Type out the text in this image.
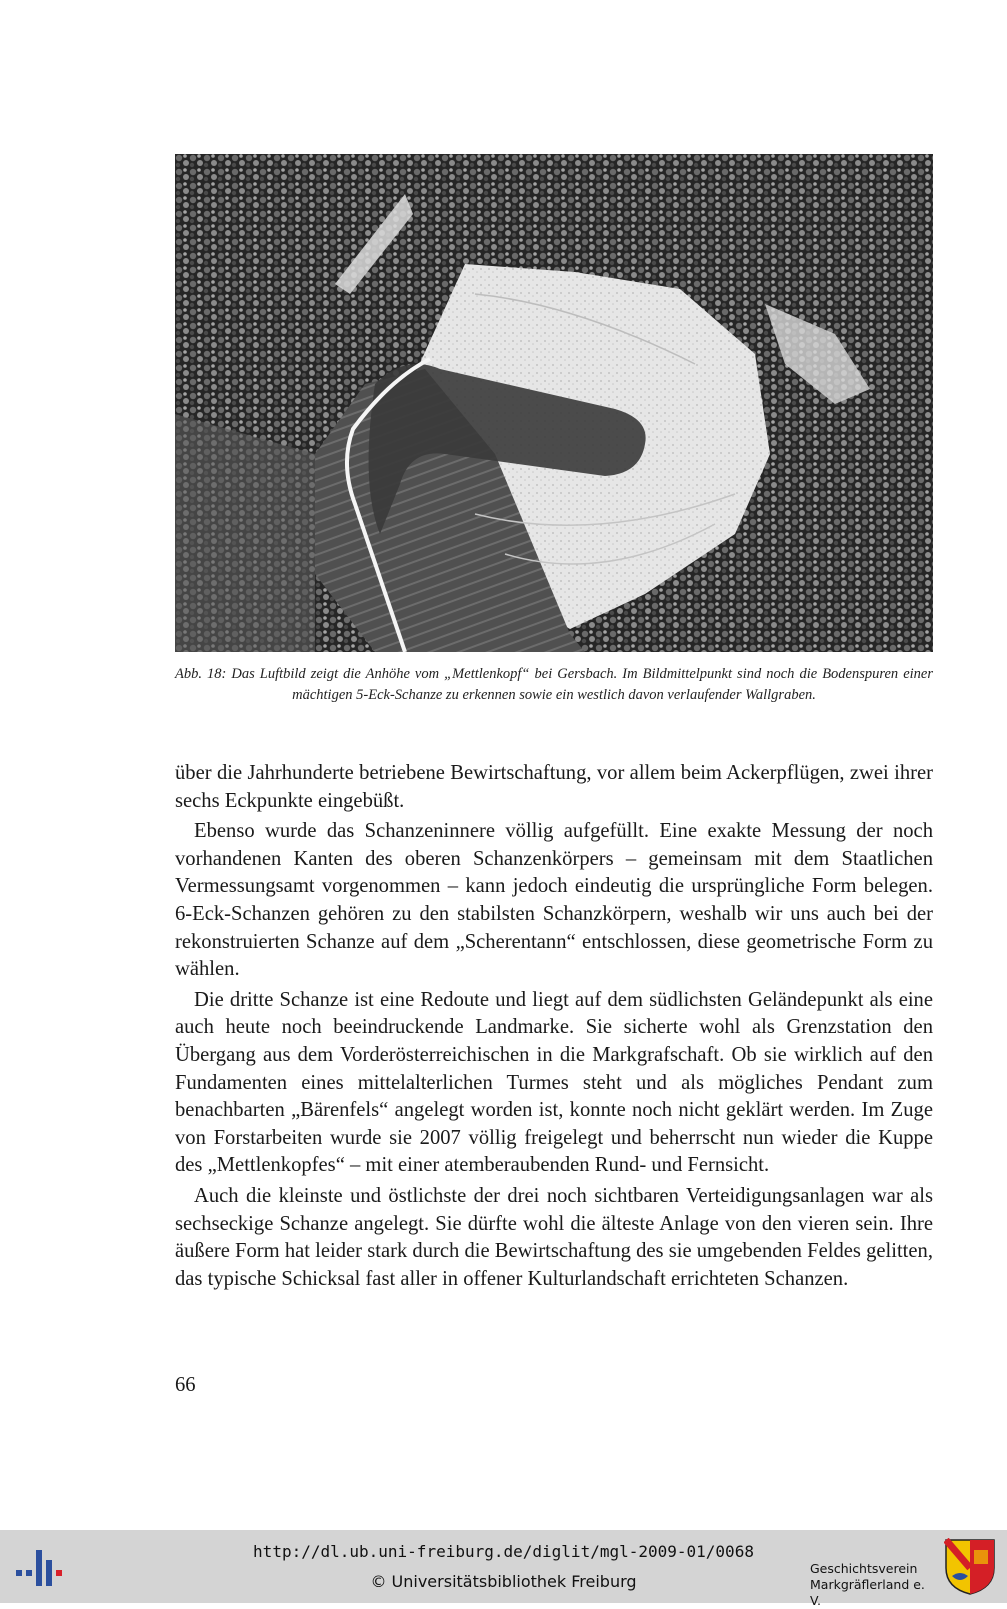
Abb. 18: Das Luftbild zeigt die Anhöhe vom „Mettlenkopf“ bei Gersbach. Im Bildmittelpunkt sind noch die Bodenspuren einer mächtigen 5-Eck-Schanze zu erkennen sowie ein westlich davon verlaufender Wallgraben.

über die Jahrhunderte betriebene Bewirtschaftung, vor allem beim Ackerpflügen, zwei ihrer sechs Eckpunkte eingebüßt.

Ebenso wurde das Schanzeninnere völlig aufgefüllt. Eine exakte Messung der noch vorhandenen Kanten des oberen Schanzenkörpers – gemeinsam mit dem Staatlichen Vermessungsamt vorgenommen – kann jedoch eindeutig die ursprüngliche Form belegen. 6-Eck-Schanzen gehören zu den stabilsten Schanzkörpern, weshalb wir uns auch bei der rekonstruierten Schanze auf dem „Scherentann“ entschlossen, diese geometrische Form zu wählen.

Die dritte Schanze ist eine Redoute und liegt auf dem südlichsten Geländepunkt als eine auch heute noch beeindruckende Landmarke. Sie sicherte wohl als Grenzstation den Übergang aus dem Vorderösterreichischen in die Markgrafschaft. Ob sie wirklich auf den Fundamenten eines mittelalterlichen Turmes steht und als mögliches Pendant zum benachbarten „Bärenfels“ angelegt worden ist, konnte noch nicht geklärt werden. Im Zuge von Forstarbeiten wurde sie 2007 völlig freigelegt und beherrscht nun wieder die Kuppe des „Mettlenkopfes“ – mit einer atemberaubenden Rund- und Fernsicht.

Auch die kleinste und östlichste der drei noch sichtbaren Verteidigungsanlagen war als sechseckige Schanze angelegt. Sie dürfte wohl die älteste Anlage von den vieren sein. Ihre äußere Form hat leider stark durch die Bewirtschaftung des sie umgebenden Feldes gelitten, das typische Schicksal fast aller in offener Kulturlandschaft errichteten Schanzen.

66
http://dl.ub.uni-freiburg.de/diglit/mgl-2009-01/0068
© Universitätsbibliothek Freiburg
Geschichtsverein
Markgräflerland e. V.
